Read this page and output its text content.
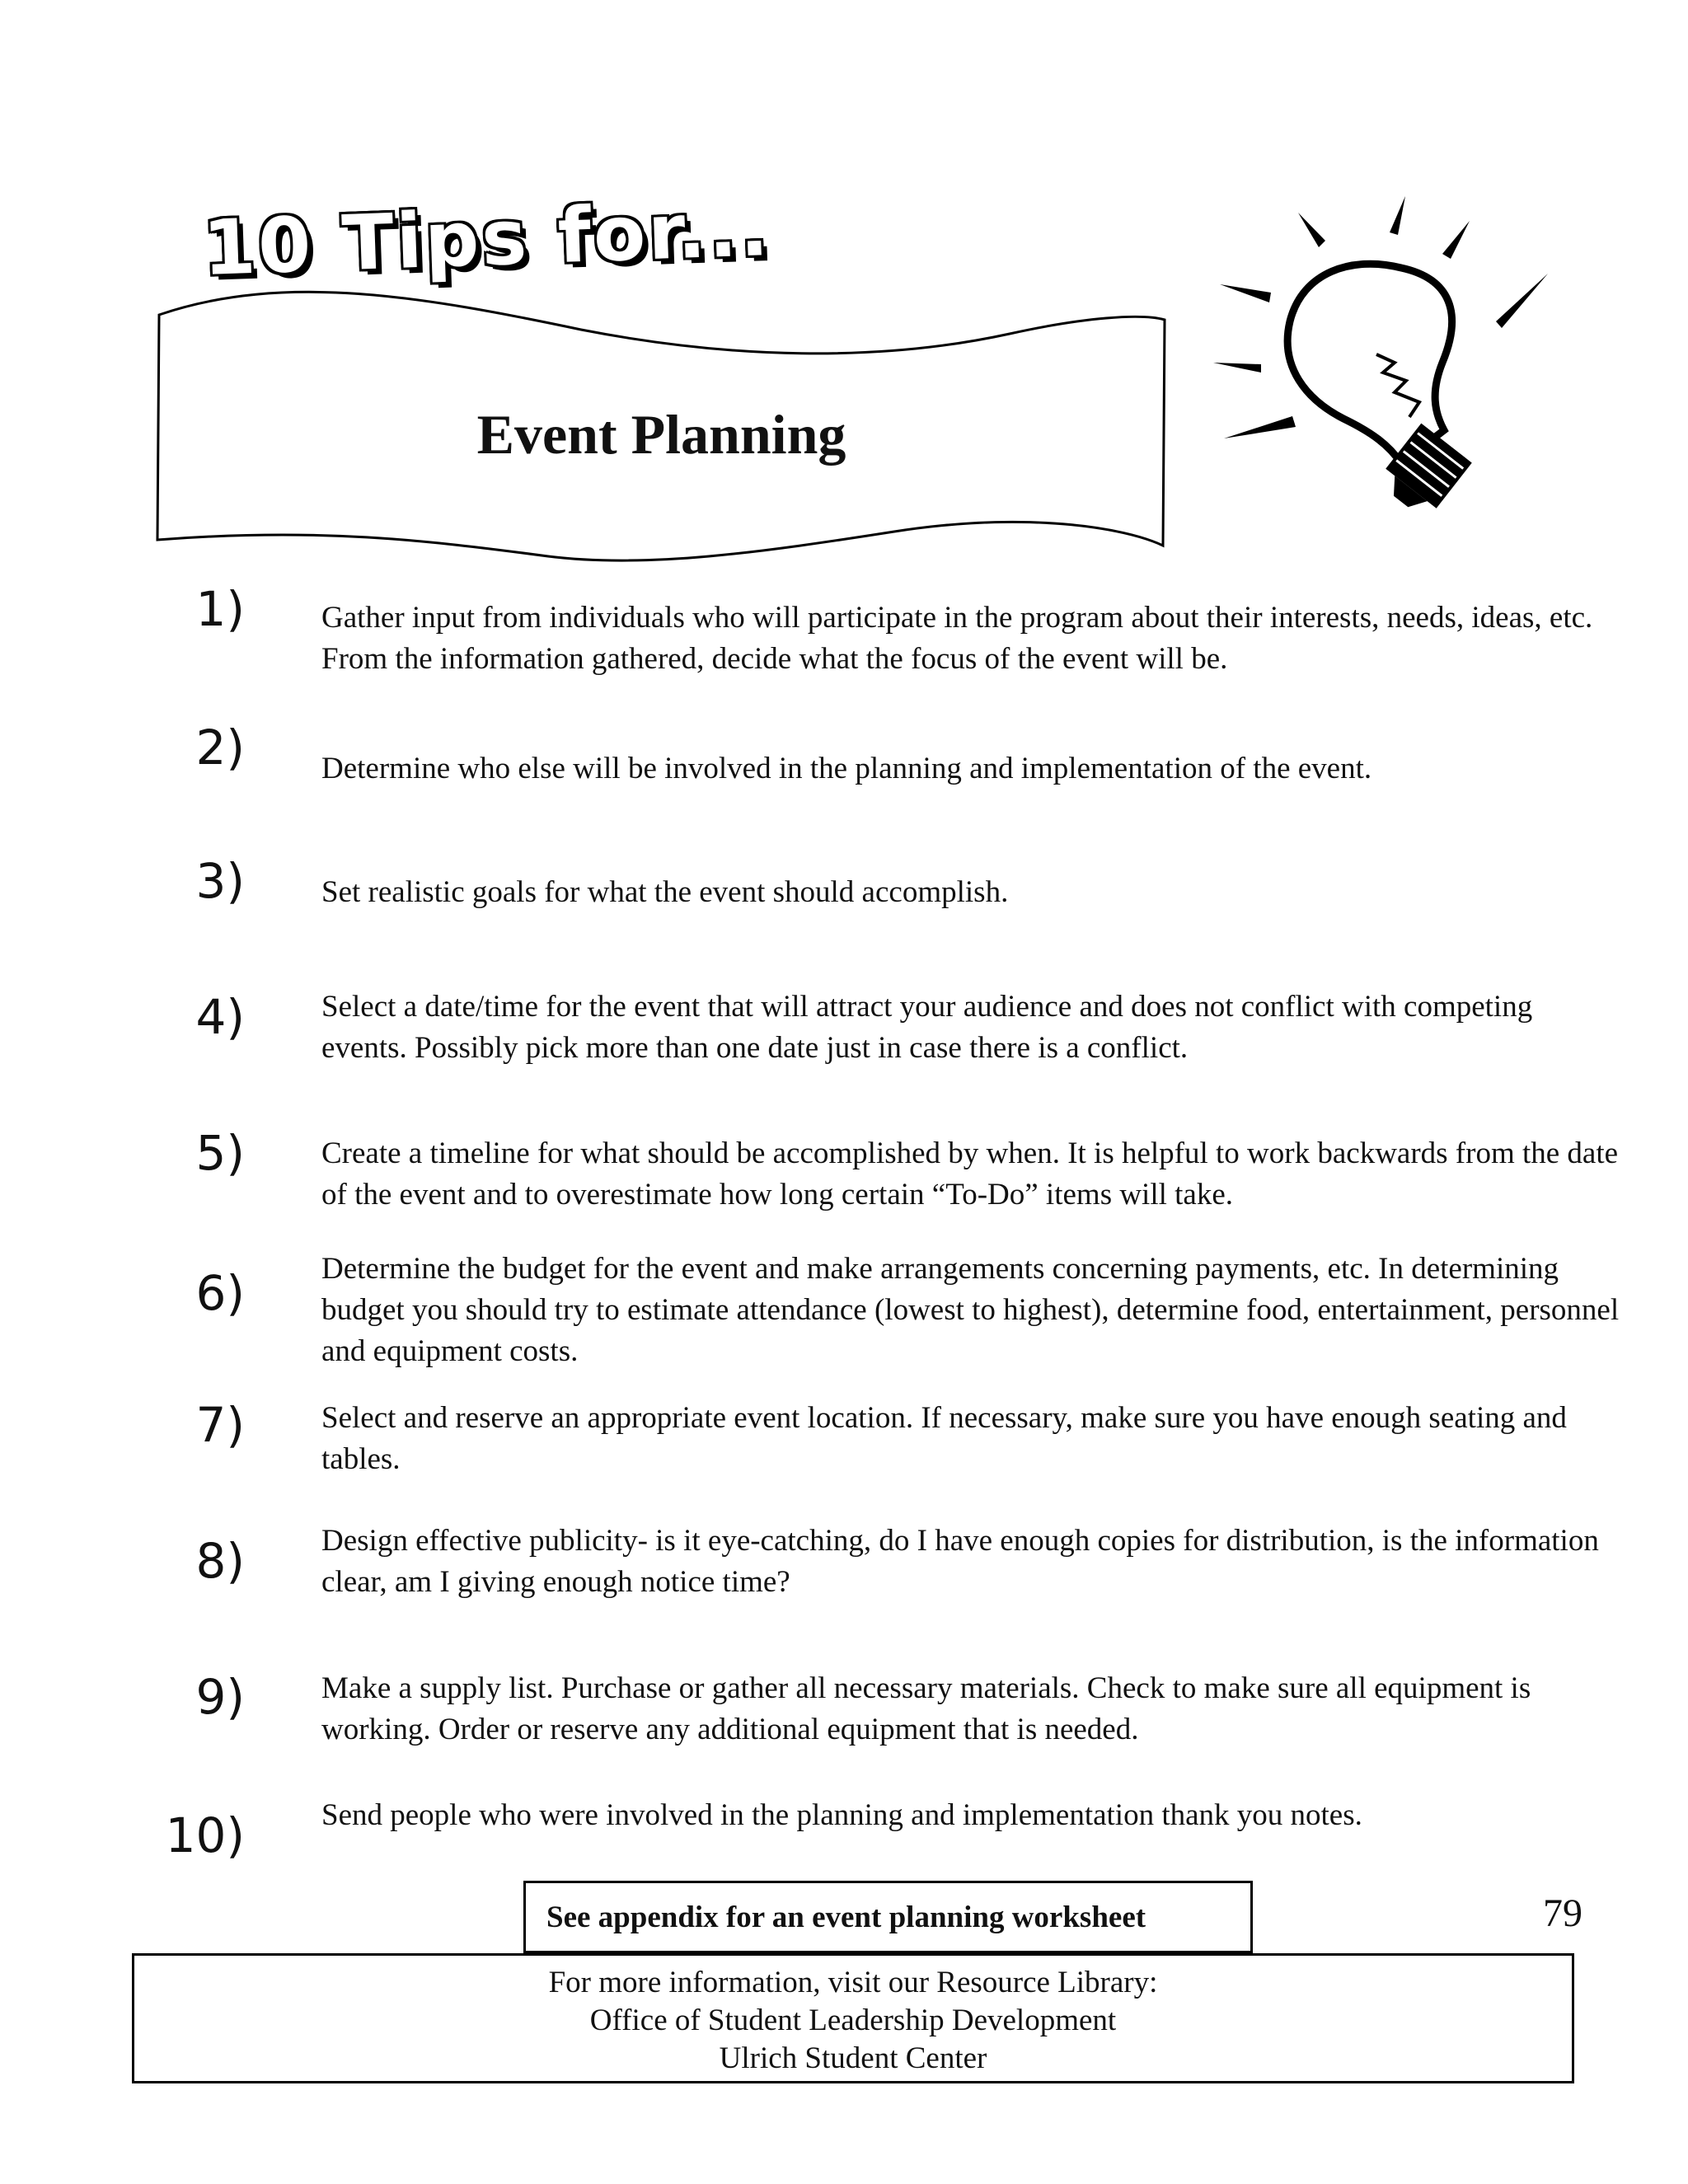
10 Tips for...
Event Planning
1)	Gather input from individuals who will participate in the program about their interests, needs, ideas, etc. From the information gathered, decide what the focus of the event will be.
2)	Determine who else will be involved in the planning and implementation of the event.
3)	Set realistic goals for what the event should accomplish.
4)	Select a date/time for the event that will attract your audience and does not conflict with competing events. Possibly pick more than one date just in case there is a conflict.
5)	Create a timeline for what should be accomplished by when. It is helpful to work backwards from the date of the event and to overestimate how long certain “To-Do” items will take.
6)	Determine the budget for the event and make arrangements concerning payments, etc. In determining budget you should try to estimate attendance (lowest to highest), determine food, entertainment, personnel and equipment costs.
7)	Select and reserve an appropriate event location. If necessary, make sure you have enough seating and tables.
8)	Design effective publicity- is it eye-catching, do I have enough copies for distribution, is the information clear, am I giving enough notice time?
9)	Make a supply list. Purchase or gather all necessary materials. Check to make sure all equipment is working. Order or reserve any additional equipment that is needed.
10)	Send people who were involved in the planning and implementation thank you notes.
See appendix for an event planning worksheet	79
For more information, visit our Resource Library:
Office of Student Leadership Development
Ulrich Student Center
